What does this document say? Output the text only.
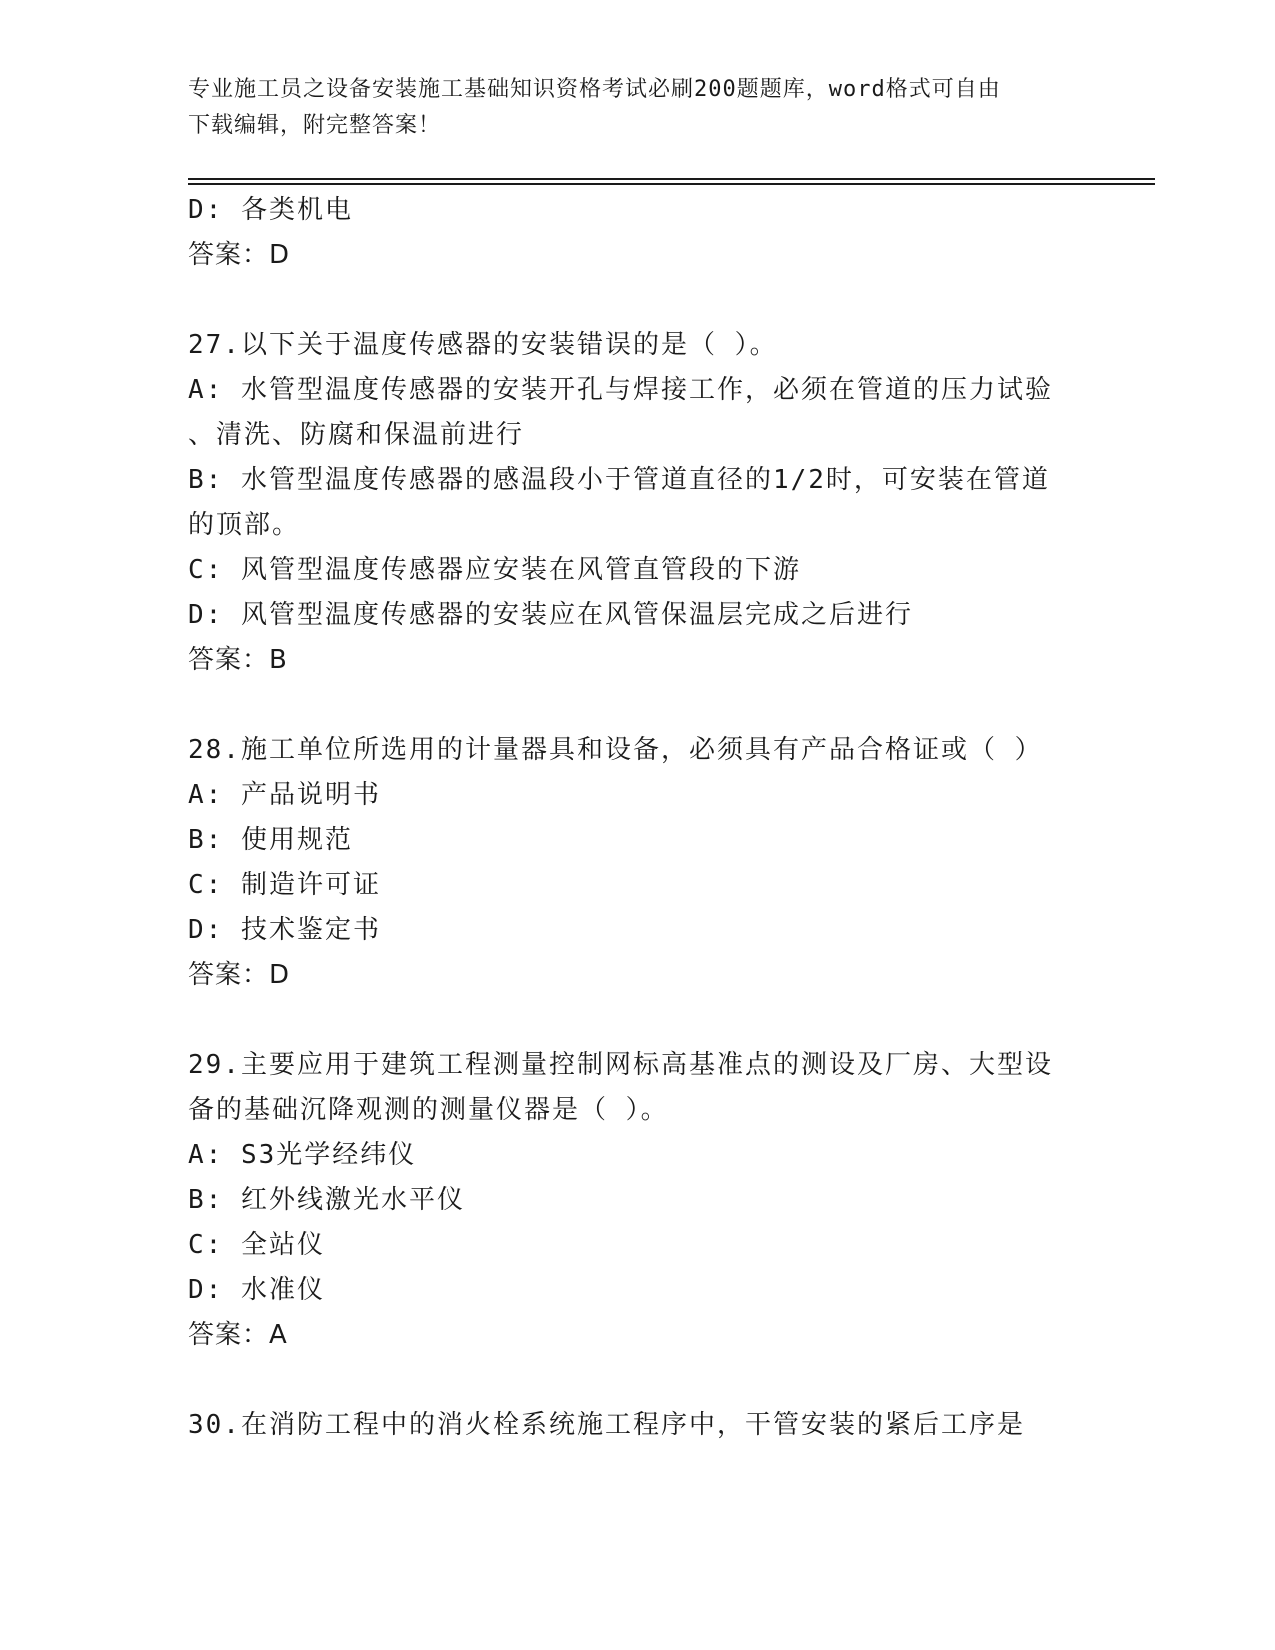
专业施工员之设备安装施工基础知识资格考试必刷200题题库，word格式可自由
下载编辑，附完整答案！
D: 各类机电
答案：D
27.以下关于温度传感器的安装错误的是（ ）。
A: 水管型温度传感器的安装开孔与焊接工作，必须在管道的压力试验
、清洗、防腐和保温前进行
B: 水管型温度传感器的感温段小于管道直径的1/2时，可安装在管道
的顶部。
C: 风管型温度传感器应安装在风管直管段的下游
D: 风管型温度传感器的安装应在风管保温层完成之后进行
答案：B
28.施工单位所选用的计量器具和设备，必须具有产品合格证或（ ）
A: 产品说明书
B: 使用规范
C: 制造许可证
D: 技术鉴定书
答案：D
29.主要应用于建筑工程测量控制网标高基准点的测设及厂房、大型设
备的基础沉降观测的测量仪器是（ ）。
A: S3光学经纬仪
B: 红外线激光水平仪
C: 全站仪
D: 水准仪
答案：A
30.在消防工程中的消火栓系统施工程序中，干管安装的紧后工序是
